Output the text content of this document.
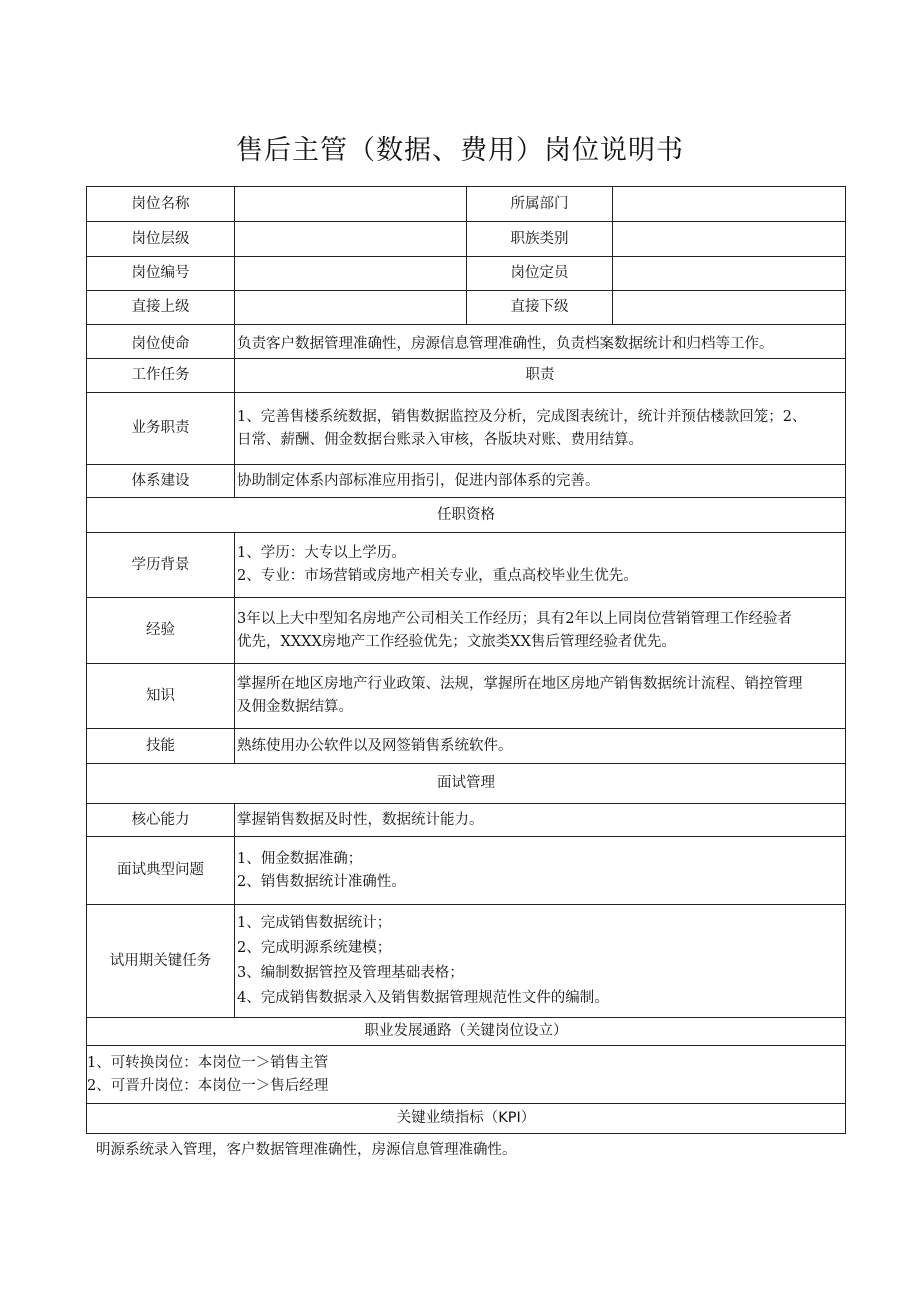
售后主管（数据、费用）岗位说明书
岗位名称		所属部门	
岗位层级		职族类别	
岗位编号		岗位定员	
直接上级		直接下级	
岗位使命	负责客户数据管理准确性，房源信息管理准确性，负责档案数据统计和归档等工作。		
工作任务	职责		
业务职责	1、完善售楼系统数据，销售数据监控及分析，完成图表统计，统计并预估楼款回笼；2、
日常、薪酬、佣金数据台账录入审核，各版块对账、费用结算。		

体系建设	协助制定体系内部标准应用指引，促进内部体系的完善。		
任职资格			
学历背景	1、学历：大专以上学历。
2、专业：市场营销或房地产相关专业，重点高校毕业生优先。		

经验	3年以上大中型知名房地产公司相关工作经历；具有2年以上同岗位营销管理工作经验者
优先，XXXX房地产工作经验优先；文旅类XX售后管理经验者优先。		

知识	掌握所在地区房地产行业政策、法规，掌握所在地区房地产销售数据统计流程、销控管理
及佣金数据结算。		

技能	熟练使用办公软件以及网签销售系统软件。		
面试管理			
核心能力	掌握销售数据及时性，数据统计能力。		
面试典型问题	1、佣金数据准确；
2、销售数据统计准确性。		

试用期关键任务	1、完成销售数据统计；
2、完成明源系统建模；
3、编制数据管控及管理基础表格；
4、完成销售数据录入及销售数据管理规范性文件的编制。		

职业发展通路（关键岗位设立）			

1、可转换岗位：本岗位一＞销售主管
2、可晋升岗位：本岗位一＞售后经理			

关键业绩指标（KPI）			
明源系统录入管理，客户数据管理准确性，房源信息管理准确性。
